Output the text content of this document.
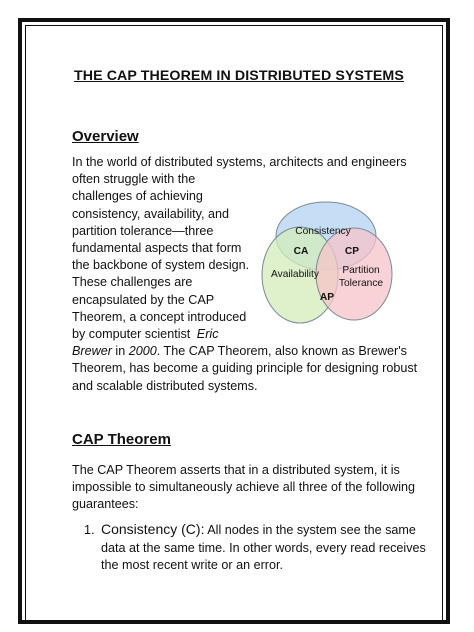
THE CAP THEOREM IN DISTRIBUTED SYSTEMS
Overview
In the world of distributed systems, architects and engineers
often struggle with the
challenges of achieving
consistency, availability, and
partition tolerance—three
fundamental aspects that form
the backbone of system design.
These challenges are
encapsulated by the CAP
Theorem, a concept introduced
by computer scientist Eric
Brewer in 2000. The CAP Theorem, also known as Brewer's
Theorem, has become a guiding principle for designing robust
and scalable distributed systems.
Consistency
CA	CP
Availability Partition
Tolerance
AP
CAP Theorem
The CAP Theorem asserts that in a distributed system, it is
impossible to simultaneously achieve all three of the following
guarantees:
1. Consistency (C): All nodes in the system see the same
data at the same time. In other words, every read receives
the most recent write or an error.
